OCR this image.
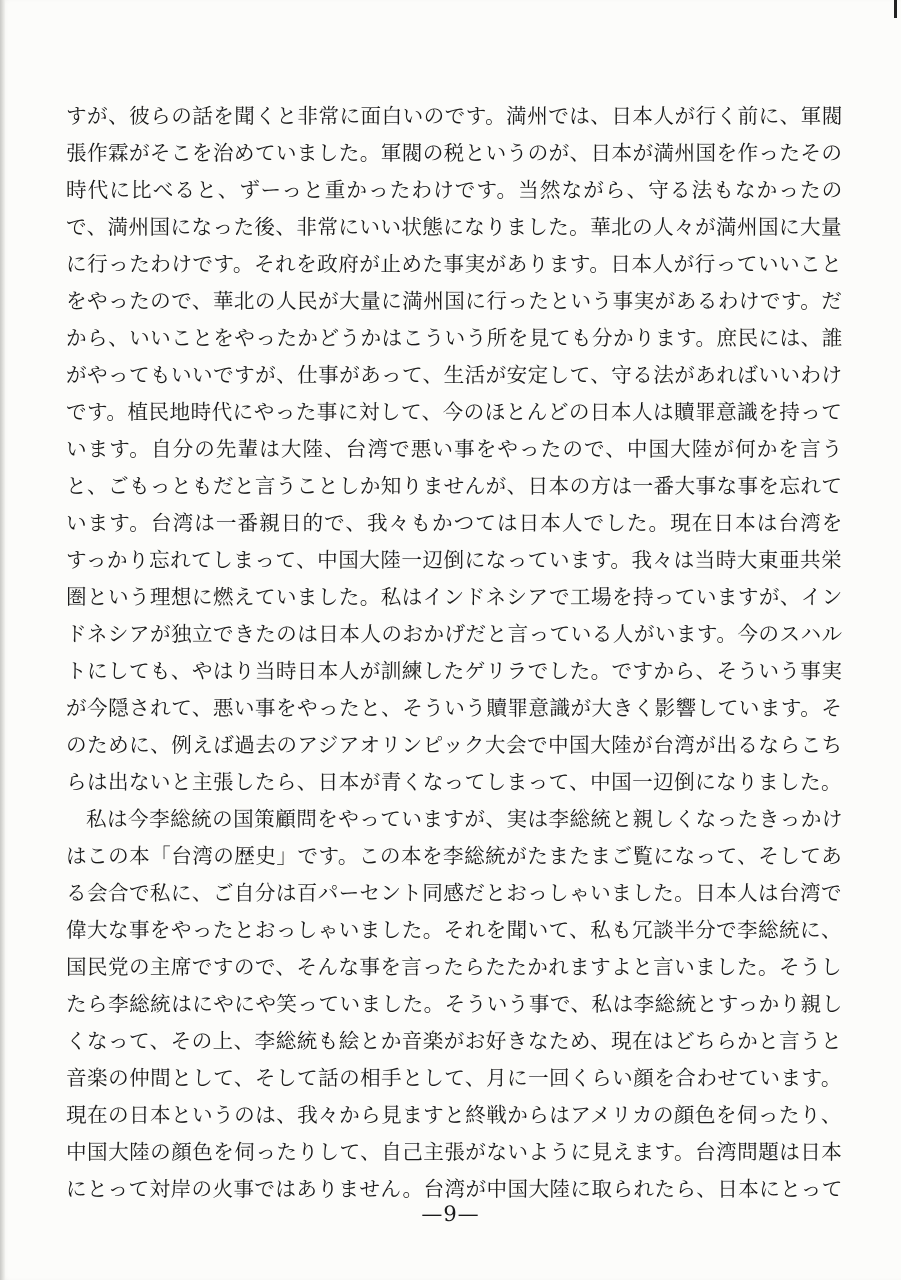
すが、彼らの話を聞くと非常に面白いのです。満州では、日本人が行く前に、軍閥
張作霖がそこを治めていました。軍閥の税というのが、日本が満州国を作ったその
時代に比べると、ずーっと重かったわけです。当然ながら、守る法もなかったの
で、満州国になった後、非常にいい状態になりました。華北の人々が満州国に大量
に行ったわけです。それを政府が止めた事実があります。日本人が行っていいこと
をやったので、華北の人民が大量に満州国に行ったという事実があるわけです。だ
から、いいことをやったかどうかはこういう所を見ても分かります。庶民には、誰
がやってもいいですが、仕事があって、生活が安定して、守る法があればいいわけ
です。植民地時代にやった事に対して、今のほとんどの日本人は贖罪意識を持って
います。自分の先輩は大陸、台湾で悪い事をやったので、中国大陸が何かを言う
と、ごもっともだと言うことしか知りませんが、日本の方は一番大事な事を忘れて
います。台湾は一番親日的で、我々もかつては日本人でした。現在日本は台湾を
すっかり忘れてしまって、中国大陸一辺倒になっています。我々は当時大東亜共栄
圏という理想に燃えていました。私はインドネシアで工場を持っていますが、イン
ドネシアが独立できたのは日本人のおかげだと言っている人がいます。今のスハル
トにしても、やはり当時日本人が訓練したゲリラでした。ですから、そういう事実
が今隠されて、悪い事をやったと、そういう贖罪意識が大きく影響しています。そ
のために、例えば過去のアジアオリンピック大会で中国大陸が台湾が出るならこち
らは出ないと主張したら、日本が青くなってしまって、中国一辺倒になりました。
私は今李総統の国策顧問をやっていますが、実は李総統と親しくなったきっかけ
はこの本「台湾の歴史」です。この本を李総統がたまたまご覧になって、そしてあ
る会合で私に、ご自分は百パーセント同感だとおっしゃいました。日本人は台湾で
偉大な事をやったとおっしゃいました。それを聞いて、私も冗談半分で李総統に、
国民党の主席ですので、そんな事を言ったらたたかれますよと言いました。そうし
たら李総統はにやにや笑っていました。そういう事で、私は李総統とすっかり親し
くなって、その上、李総統も絵とか音楽がお好きなため、現在はどちらかと言うと
音楽の仲間として、そして話の相手として、月に一回くらい顔を合わせています。
現在の日本というのは、我々から見ますと終戦からはアメリカの顔色を伺ったり、
中国大陸の顔色を伺ったりして、自己主張がないように見えます。台湾問題は日本
にとって対岸の火事ではありません。台湾が中国大陸に取られたら、日本にとって
—9—
